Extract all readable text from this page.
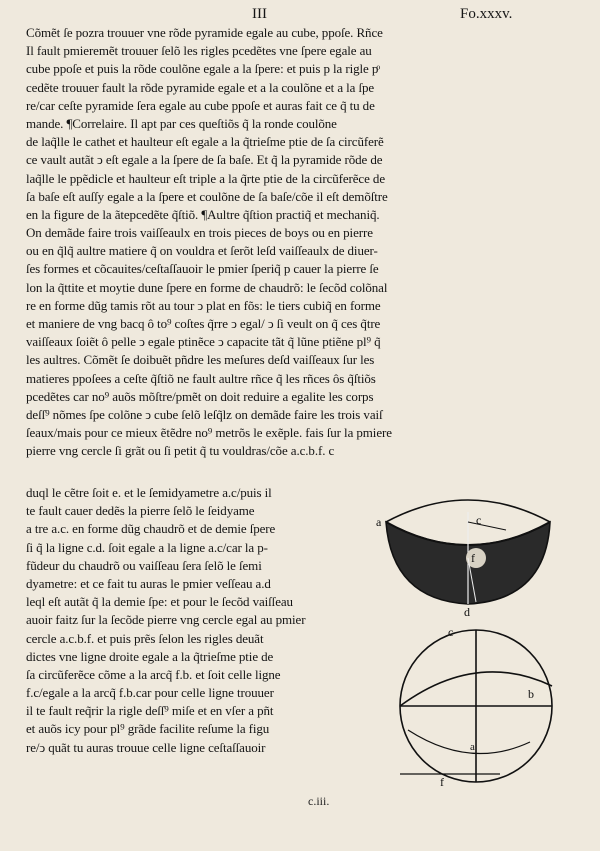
III	Fo.xxxv.
Cõmẽt ſe pozra trouuer vne rõde pyramide egale au cube, ppoſe. Rñce
Il fault pmieremẽt trouuer ſelõ les rigles pcedẽtes vne ſpere egale au
cube ppoſe et puis la rõde coulõne egale a la ſpere: et puis p la rigle pͦ
cedẽte trouuer fault la rõde pyramide egale et a la coulõne et a la ſpe
re/car ceſte pyramide ſera egale au cube ppoſe et auras fait ce q̃ tu de
mande. ¶Correlaire. Il apt par ces queſtiõs q̃ la ronde coulõne
de laq̃lle le cathet et haulteur eſt egale a la q̃trieſme ptie de ſa circũferẽ
ce vault autãt ↄ eſt egale a la ſpere de ſa baſe. Et q̃ la pyramide rõde de
laq̃lle le ppẽdicle et haulteur eſt triple a la q̃rte ptie de la circũferẽce de
ſa baſe eſt auſſy egale a la ſpere et coulõne de ſa baſe/cõe il eſt demõſtre
en la figure de la ãtepcedẽte q̃ſtiõ. ¶Aultre q̃ſtion practiq̃ et mechaniq̃.
On demãde faire trois vaiſſeaulx en trois pieces de boys ou en pierre
ou en q̃lq̃ aultre matiere q̃ on vouldra et ſerõt leſd vaiſſeaulx de diuer-
ſes formes et cõcauites/ceſtaſſauoir le pmier ſperiq̃ p cauer la pierre ſe
lon la q̃ttite et moytie dune ſpere en forme de chaudrõ: le ſecõd colõnal
re en forme dũg tamis rõt au tour ↄ plat en fõs: le tiers cubiq̃ en forme
et maniere de vng bacq ô to⁹ coſtes q̃rre ↄ egal/ ↄ ſi veult on q̃ ces q̃tre
vaiſſeaux ſoiẽt ô pelle ↄ egale ptinẽce ↄ capacite tãt q̃ lũne ptiẽne pl⁹ q̃
les aultres. Cõmẽt ſe doibuẽt pñdre les meſures deſd vaiſſeaux ſur les
matieres ppoſees a ceſte q̃ſtiõ ne fault aultre rñce q̃ les rñces ôs q̃ſtiõs
pcedẽtes car no⁹ auõs mõſtre/pmẽt on doit reduire a egalite les corps
deſſ⁹ nõmes ſpe colõne ↄ cube ſelõ leſq̃lz on demãde faire les trois vaiſ
ſeaux/mais pour ce mieux ẽtẽdre no⁹ metrõs le exẽple. fais ſur la pmiere
pierre vng cercle ſi grãt ou ſi petit q̃ tu vouldras/cõe a.c.b.f. c
duql le cẽtre ſoit e. et le ſemidyametre a.c/puis il
te fault cauer dedẽs la pierre ſelõ le ſeidyame
a tre a.c. en forme dũg chaudrõ et de demie ſpere
ſi q̃ la ligne c.d. ſoit egale a la ligne a.c/car la p-
fũdeur du chaudrõ ou vaiſſeau ſera ſelõ le ſemi
dyametre: et ce fait tu auras le pmier veſſeau a.d
leql eſt autãt q̃ la demie ſpe: et pour le ſecõd vaiſſeau
auoir faitz ſur la ſecõde pierre vng cercle egal au pmier
cercle a.c.b.f. et puis prẽs ſelon les rigles deuãt
dictes vne ligne droite egale a la q̃trieſme ptie de
ſa circũferẽce cõme a la arcq̃ f.b. et ſoit celle ligne
f.c/egale a la arcq̃ f.b.car pour celle ligne trouuer
il te fault req̃rir la rigle deſſ⁹ miſe et en vſer a pñt
et auõs icy pour pl⁹ grãde facilite reſume la figu
re/ↄ quãt tu auras trouue celle ligne ceſtaſſauoir
a	c
f
d
c
b
a
f
c.iii.
